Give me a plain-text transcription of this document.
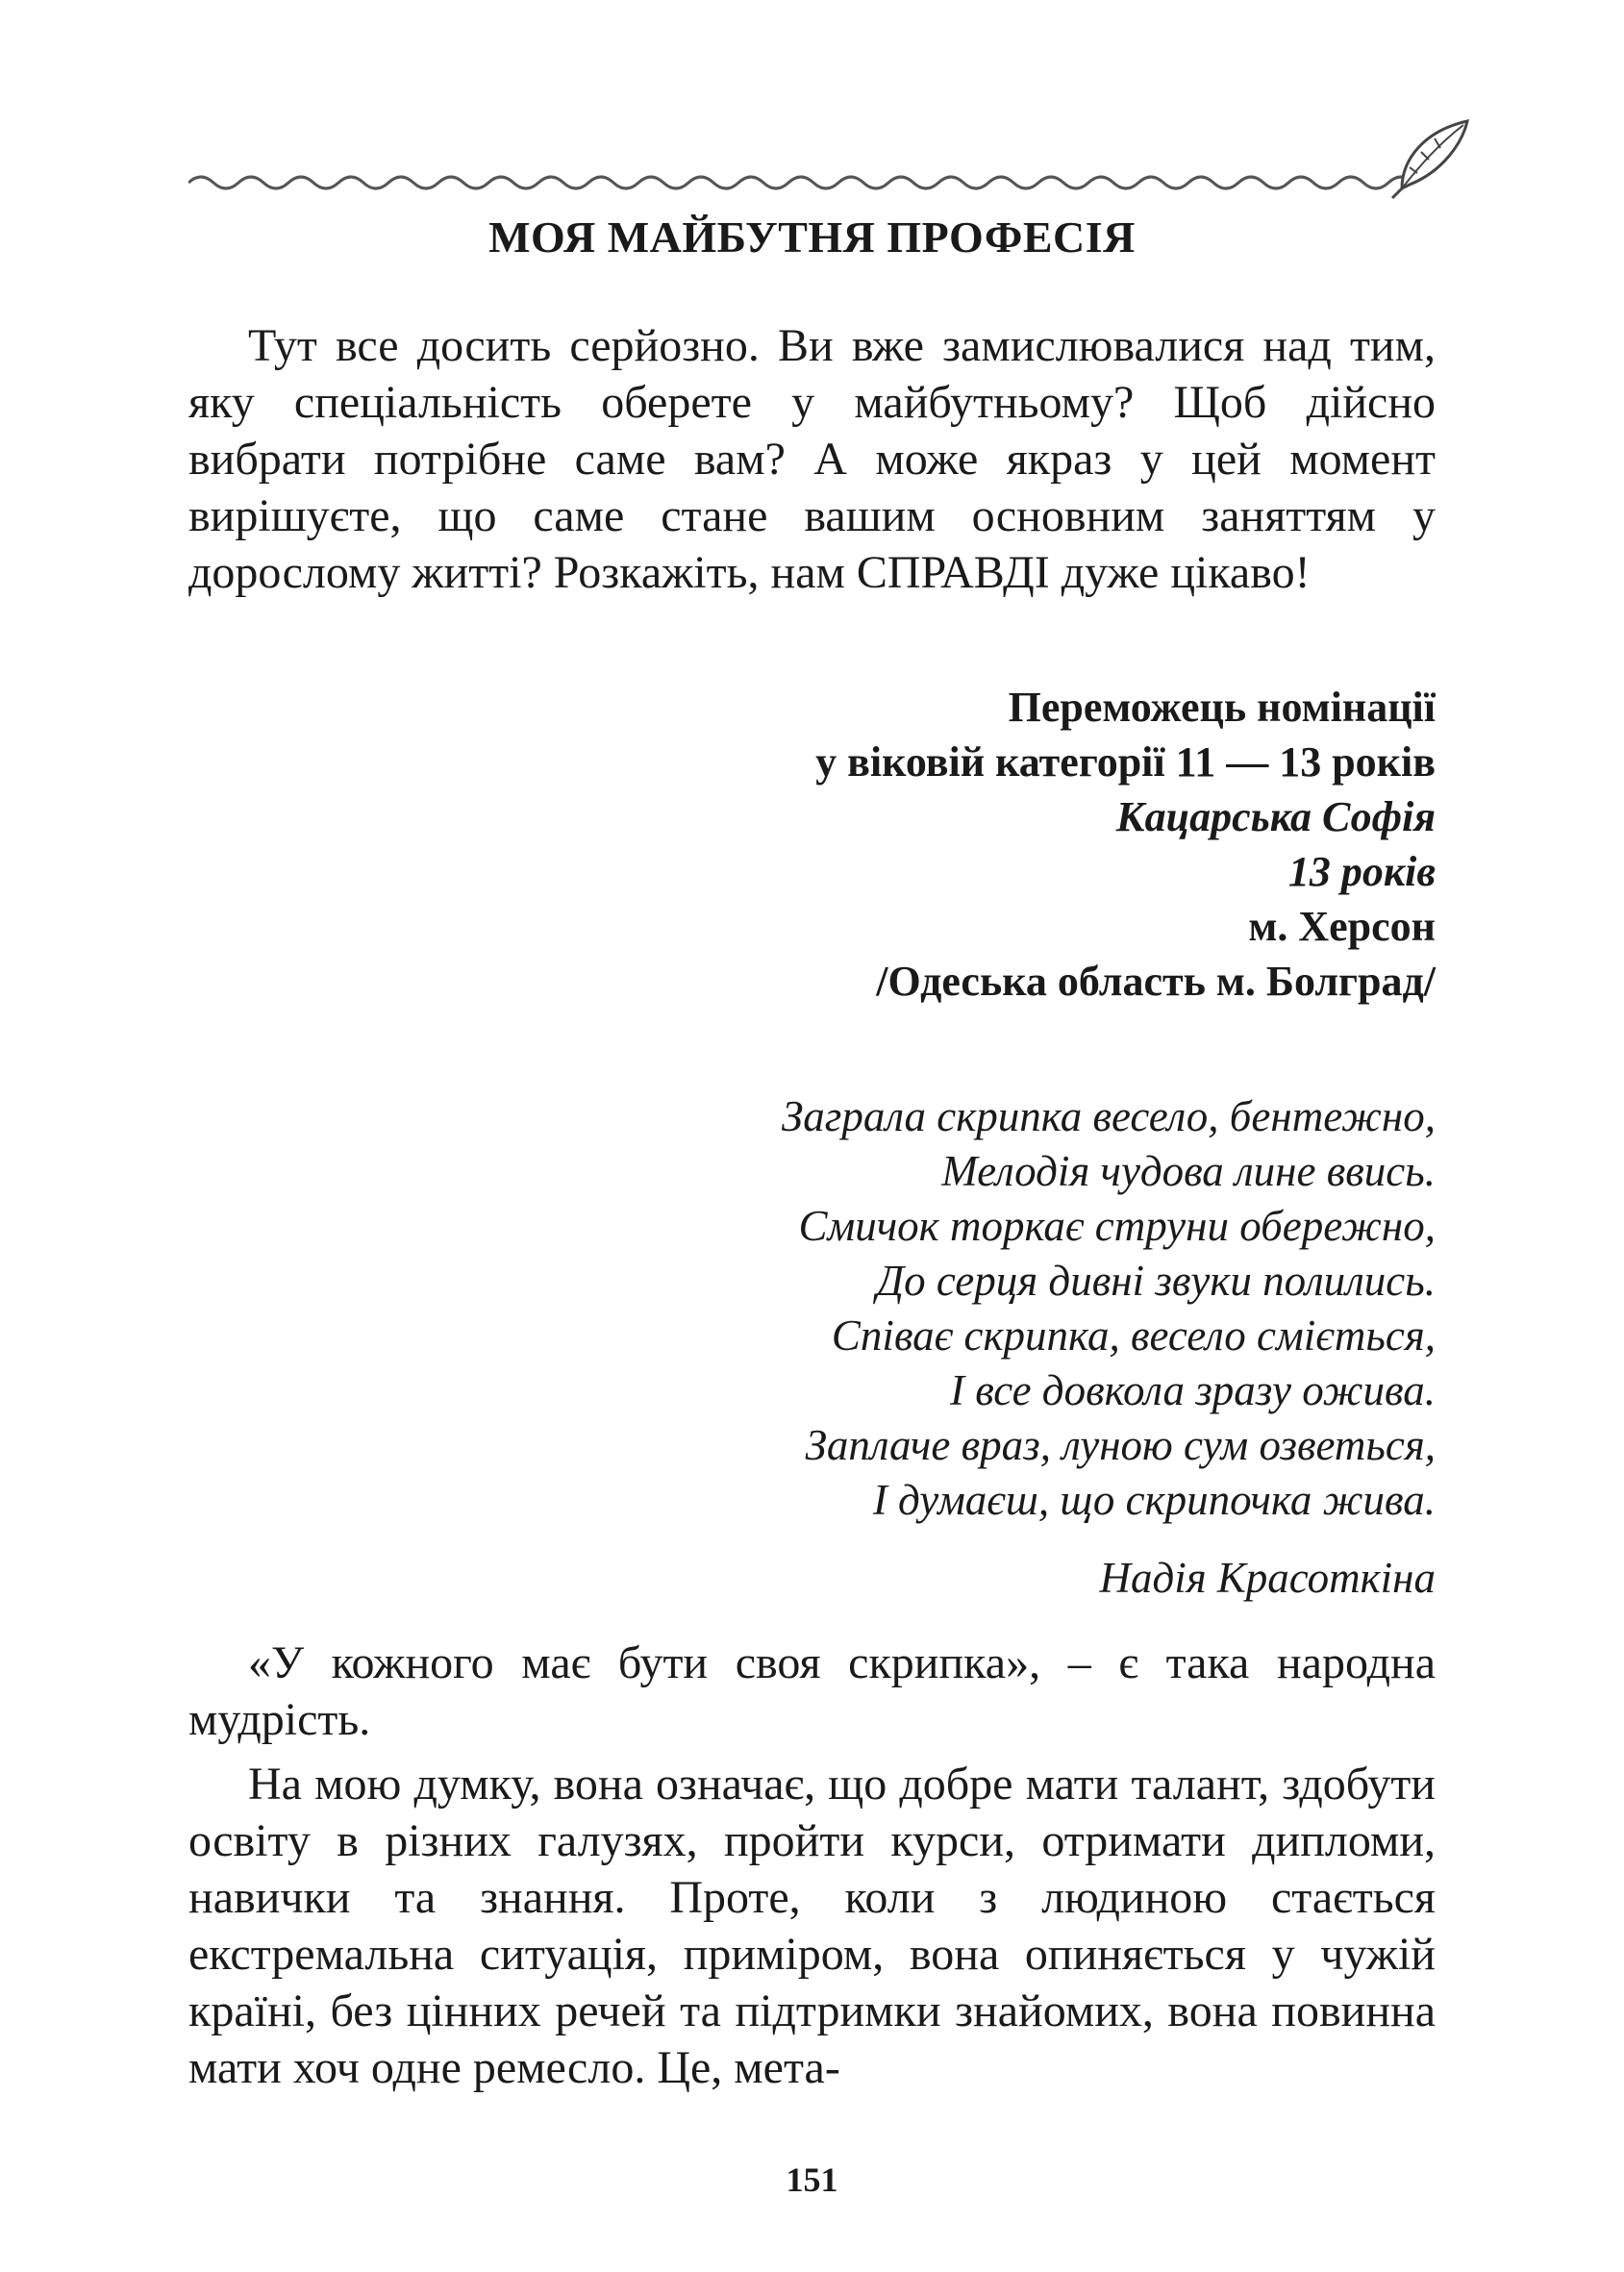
МОЯ МАЙБУТНЯ ПРОФЕСІЯ

Тут все досить серйозно. Ви вже замислювалися над тим, яку спеціальність оберете у майбутньому? Щоб дійсно вибрати потрібне саме вам? А може якраз у цей момент вирішуєте, що саме стане вашим основним заняттям у дорослому житті? Розкажіть, нам СПРАВДІ дуже цікаво!

Переможець номінації
у віковій категорії 11 — 13 років
Кацарська Софія
13 років
м. Херсон
/Одеська область м. Болград/
Заграла скрипка весело, бентежно,
Мелодія чудова лине ввись.
Смичок торкає струни обережно,
До серця дивні звуки полились.
Співає скрипка, весело сміється,
І все довкола зразу ожива.
Заплаче враз, луною сум озветься,
І думаєш, що скрипочка жива.
Надія Красоткіна

«У кожного має бути своя скрипка», – є така народна мудрість.

На мою думку, вона означає, що добре мати талант, здобути освіту в різних галузях, пройти курси, отримати дипломи, навички та знання. Проте, коли з людиною стається екстремальна ситуація, приміром, вона опиняється у чужій країні, без цінних речей та підтримки знайомих, вона повинна мати хоч одне ремесло. Це, мета-

151
